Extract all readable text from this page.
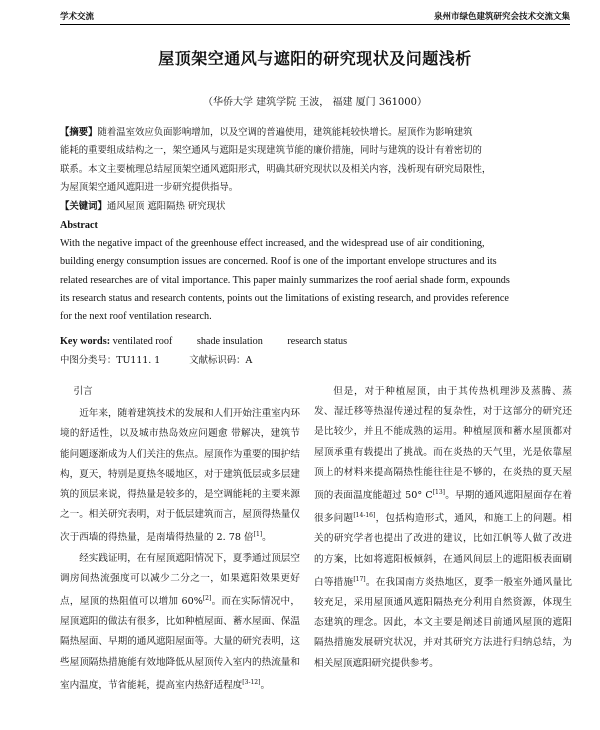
学术交流	泉州市绿色建筑研究会技术交流文集
屋顶架空通风与遮阳的研究现状及问题浅析
（华侨大学 建筑学院 王波， 福建 厦门 361000）
【摘要】随着温室效应负面影响增加，以及空调的普遍使用，建筑能耗较快增长。屋顶作为影响建筑
能耗的重要组成结构之一，架空通风与遮阳是实现建筑节能的廉价措施，同时与建筑的设计有着密切的
联系。本文主要梳理总结屋顶架空通风遮阳形式，明确其研究现状以及相关内容，浅析现有研究局限性，
为屋顶架空通风遮阳进一步研究提供指导。
【关键词】通风屋顶 遮阳隔热 研究现状
Abstract
With the negative impact of the greenhouse effect increased, and the widespread use of air conditioning,
building energy consumption issues are concerned. Roof is one of the important envelope structures and its
related researches are of vital importance. This paper mainly summarizes the roof aerial shade form, expounds
its research status and research contents, points out the limitations of existing research, and provides reference
for the next roof ventilation research.
Key words: ventilated roof shade insulation research status
中图分类号：TU111. 1	文献标识码：A

引言

近年来，随着建筑技术的发展和人们开始注重室内环境的舒适性，以及城市热岛效应问题愈 带解决，建筑节能问题逐渐成为人们关注的焦点。屋顶作为重要的围护结构，夏天，特别是夏热冬暖地区，对于建筑低层或多层建筑的顶层来说，得热量是较多的，是空调能耗的主要来源之一。相关研究表明，对于低层建筑而言，屋顶得热量仅次于西墙的得热量，是南墙得热量的 2. 78 倍[1]。

经实践证明，在有屋顶遮阳情况下，夏季通过顶层空调房间热流强度可以减少二分之一，如果遮阳效果更好点，屋顶的热阻值可以增加 60%[2]。而在实际情况中，屋顶遮阳的做法有很多，比如种植屋面、蓄水屋面、保温隔热屋面、早期的通风遮阳屋面等。大量的研究表明，这些屋顶隔热措施能有效地降低从屋顶传入室内的热流量和室内温度，节省能耗，提高室内热舒适程度[3-12]。

但是，对于种植屋顶，由于其传热机理涉及蒸腾、蒸发、湿迁移等热湿传递过程的复杂性，对于这部分的研究还是比较少，并且不能成熟的运用。种植屋顶和蓄水屋顶都对屋顶承重有载提出了挑战。而在炎热的天气里，光是依靠屋顶上的材料来提高隔热性能往往是不够的，在炎热的夏天屋顶的表面温度能超过 50° C[13]。早期的通风遮阳屋面存在着很多问题[14-16]，包括构造形式，通风，和施工上的问题。相关的研究学者也提出了改进的建议，比如江帆等人做了改进的方案，比如将遮阳板倾斜，在通风间层上的遮阳板表面刷白等措施[17]。在我国南方炎热地区，夏季一般室外通风量比较充足，采用屋顶通风遮阳隔热充分利用自然资源，体现生态建筑的理念。因此，本文主要是阐述目前通风屋顶的遮阳隔热措施发展研究状况，并对其研究方法进行归纳总结，为相关屋顶遮阳研究提供参考。
